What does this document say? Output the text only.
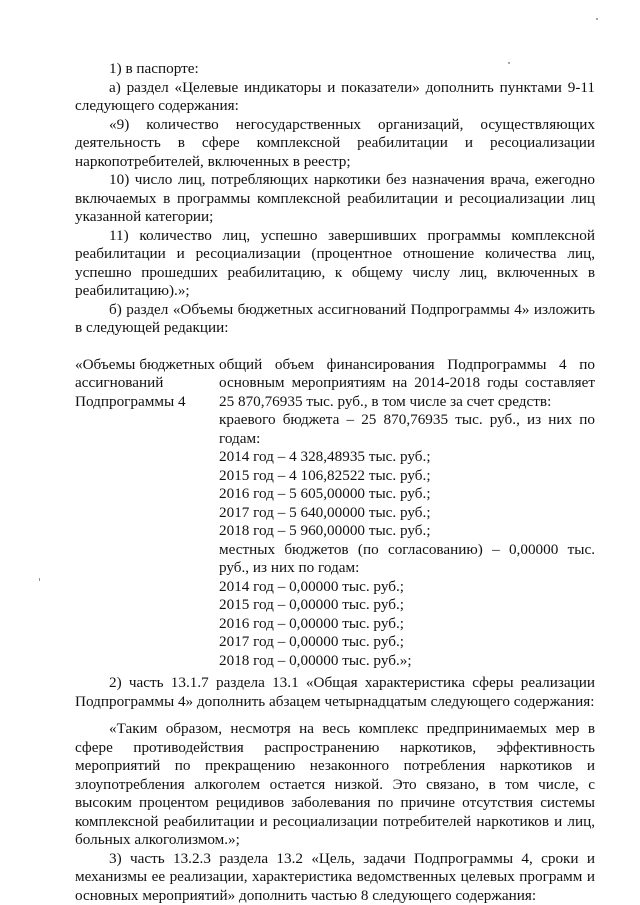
1) в паспорте:

а) раздел «Целевые индикаторы и показатели» дополнить пунктами 9-11 следующего содержания:

«9) количество негосударственных организаций, осуществляющих деятельность в сфере комплексной реабилитации и ресоциализации наркопотребителей, включенных в реестр;

10) число лиц, потребляющих наркотики без назначения врача, ежегодно включаемых в программы комплексной реабилитации и ресоциализации лиц указанной категории;

11) количество лиц, успешно завершивших программы комплексной реабилитации и ресоциализации (процентное отношение количества лиц, успешно прошедших реабилитацию, к общему числу лиц, включенных в реабилитацию).»;

б) раздел «Объемы бюджетных ассигнований Подпрограммы 4» изложить в следующей редакции:

«Объемы бюджетных ассигнований Подпрограммы 4

общий объем финансирования Подпрограммы 4 по основным мероприятиям на 2014-2018 годы составляет 25 870,76935 тыс. руб., в том числе за счет средств:

краевого бюджета – 25 870,76935 тыс. руб., из них по годам:

2014 год – 4 328,48935 тыс. руб.;

2015 год – 4 106,82522 тыс. руб.;

2016 год – 5 605,00000 тыс. руб.;

2017 год – 5 640,00000 тыс. руб.;

2018 год – 5 960,00000 тыс. руб.;

местных бюджетов (по согласованию) – 0,00000 тыс. руб., из них по годам:

2014 год – 0,00000 тыс. руб.;

2015 год – 0,00000 тыс. руб.;

2016 год – 0,00000 тыс. руб.;

2017 год – 0,00000 тыс. руб.;

2018 год – 0,00000 тыс. руб.»;

2) часть 13.1.7 раздела 13.1 «Общая характеристика сферы реализации Подпрограммы 4» дополнить абзацем четырнадцатым следующего содержания:

«Таким образом, несмотря на весь комплекс предпринимаемых мер в сфере противодействия распространению наркотиков, эффективность мероприятий по прекращению незаконного потребления наркотиков и злоупотребления алкоголем остается низкой. Это связано, в том числе, с высоким процентом рецидивов заболевания по причине отсутствия системы комплексной реабилитации и ресоциализации потребителей наркотиков и лиц, больных алкоголизмом.»;

3) часть 13.2.3 раздела 13.2 «Цель, задачи Подпрограммы 4, сроки и механизмы ее реализации, характеристика ведомственных целевых программ и основных мероприятий» дополнить частью 8 следующего содержания:
